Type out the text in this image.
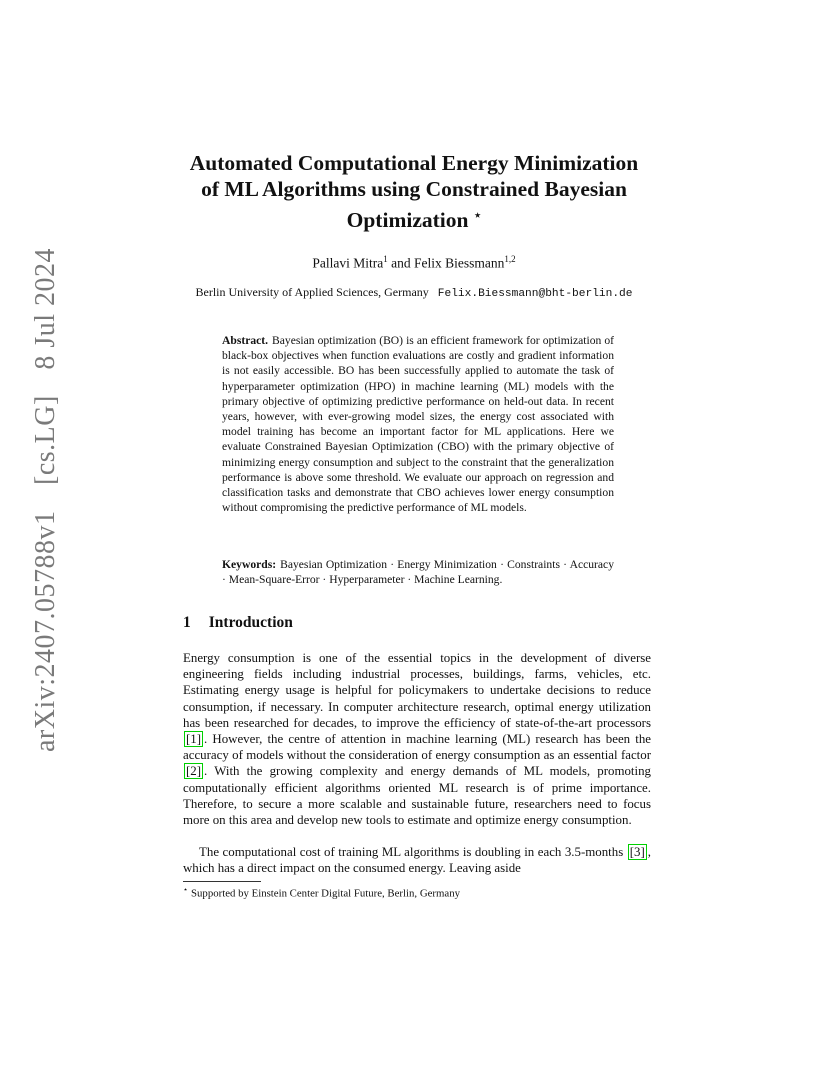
arXiv:2407.05788v1 [cs.LG] 8 Jul 2024
Automated Computational Energy Minimization
of ML Algorithms using Constrained Bayesian
Optimization ⋆
Pallavi Mitra$^1$ and Felix Biessmann$^{1,2}$
Berlin University of Applied Sciences, Germany Felix.Biessmann@bht-berlin.de
Abstract. Bayesian optimization (BO) is an efficient framework for optimization of black-box objectives when function evaluations are costly and gradient information is not easily accessible. BO has been successfully applied to automate the task of hyperparameter optimization (HPO) in machine learning (ML) models with the primary objective of optimizing predictive performance on held-out data. In recent years, however, with ever-growing model sizes, the energy cost associated with model training has become an important factor for ML applications. Here we evaluate Constrained Bayesian Optimization (CBO) with the primary objective of minimizing energy consumption and subject to the constraint that the generalization performance is above some threshold. We evaluate our approach on regression and classification tasks and demonstrate that CBO achieves lower energy consumption without compromising the predictive performance of ML models.
Keywords: Bayesian Optimization · Energy Minimization · Constraints · Accuracy · Mean-Square-Error · Hyperparameter · Machine Learning.
1 Introduction
Energy consumption is one of the essential topics in the development of diverse engineering fields including industrial processes, buildings, farms, vehicles, etc. Estimating energy usage is helpful for policymakers to undertake decisions to reduce consumption, if necessary. In computer architecture research, optimal energy utilization has been researched for decades, to improve the efficiency of state-of-the-art processors [1] . However, the centre of attention in machine learning (ML) research has been the accuracy of models without the consideration of energy consumption as an essential factor [2] . With the growing complexity and energy demands of ML models, promoting computationally efficient algorithms oriented ML research is of prime importance. Therefore, to secure a more scalable and sustainable future, researchers need to focus more on this area and develop new tools to estimate and optimize energy consumption.
The computational cost of training ML algorithms is doubling in each 3.5-months [3] , which has a direct impact on the consumed energy. Leaving aside
⋆ Supported by Einstein Center Digital Future, Berlin, Germany
